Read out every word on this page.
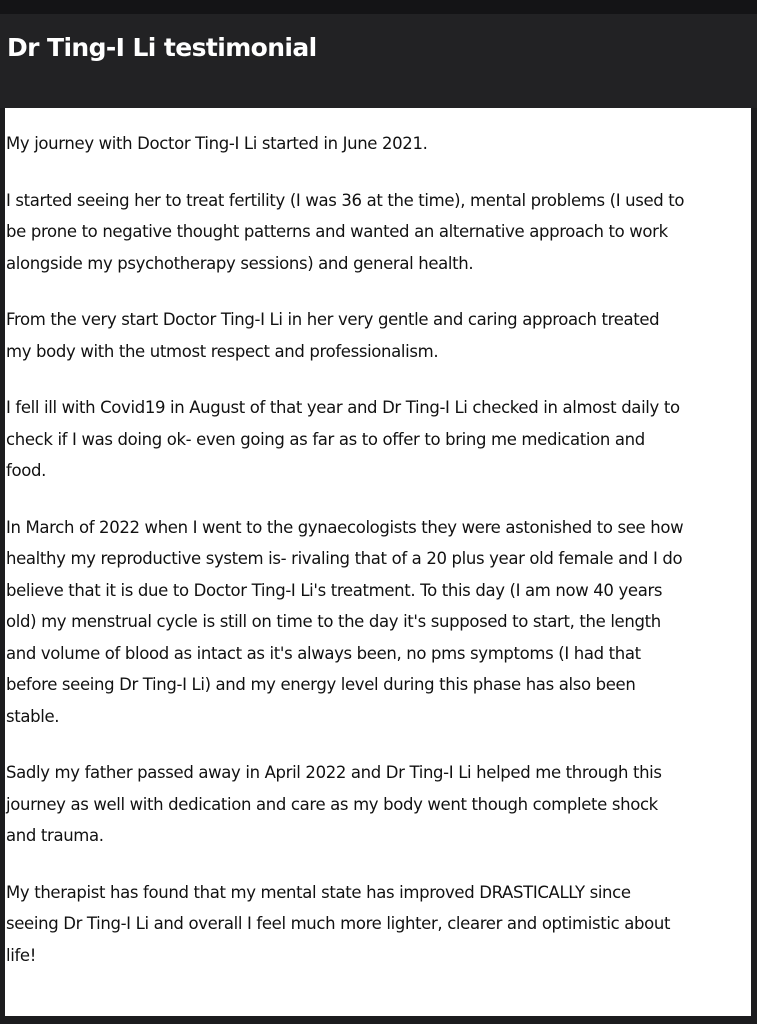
Dr Ting-I Li testimonial

My journey with Doctor Ting-I Li started in June 2021.

I started seeing her to treat fertility (I was 36 at the time), mental problems (I used to
be prone to negative thought patterns and wanted an alternative approach to work
alongside my psychotherapy sessions) and general health.

From the very start Doctor Ting-I Li in her very gentle and caring approach treated
my body with the utmost respect and professionalism.

I fell ill with Covid19 in August of that year and Dr Ting-I Li checked in almost daily to
check if I was doing ok- even going as far as to offer to bring me medication and
food.

In March of 2022 when I went to the gynaecologists they were astonished to see how
healthy my reproductive system is- rivaling that of a 20 plus year old female and I do
believe that it is due to Doctor Ting-I Li's treatment. To this day (I am now 40 years
old) my menstrual cycle is still on time to the day it's supposed to start, the length
and volume of blood as intact as it's always been, no pms symptoms (I had that
before seeing Dr Ting-I Li) and my energy level during this phase has also been
stable.

Sadly my father passed away in April 2022 and Dr Ting-I Li helped me through this
journey as well with dedication and care as my body went though complete shock
and trauma.

My therapist has found that my mental state has improved DRASTICALLY since
seeing Dr Ting-I Li and overall I feel much more lighter, clearer and optimistic about
life!
